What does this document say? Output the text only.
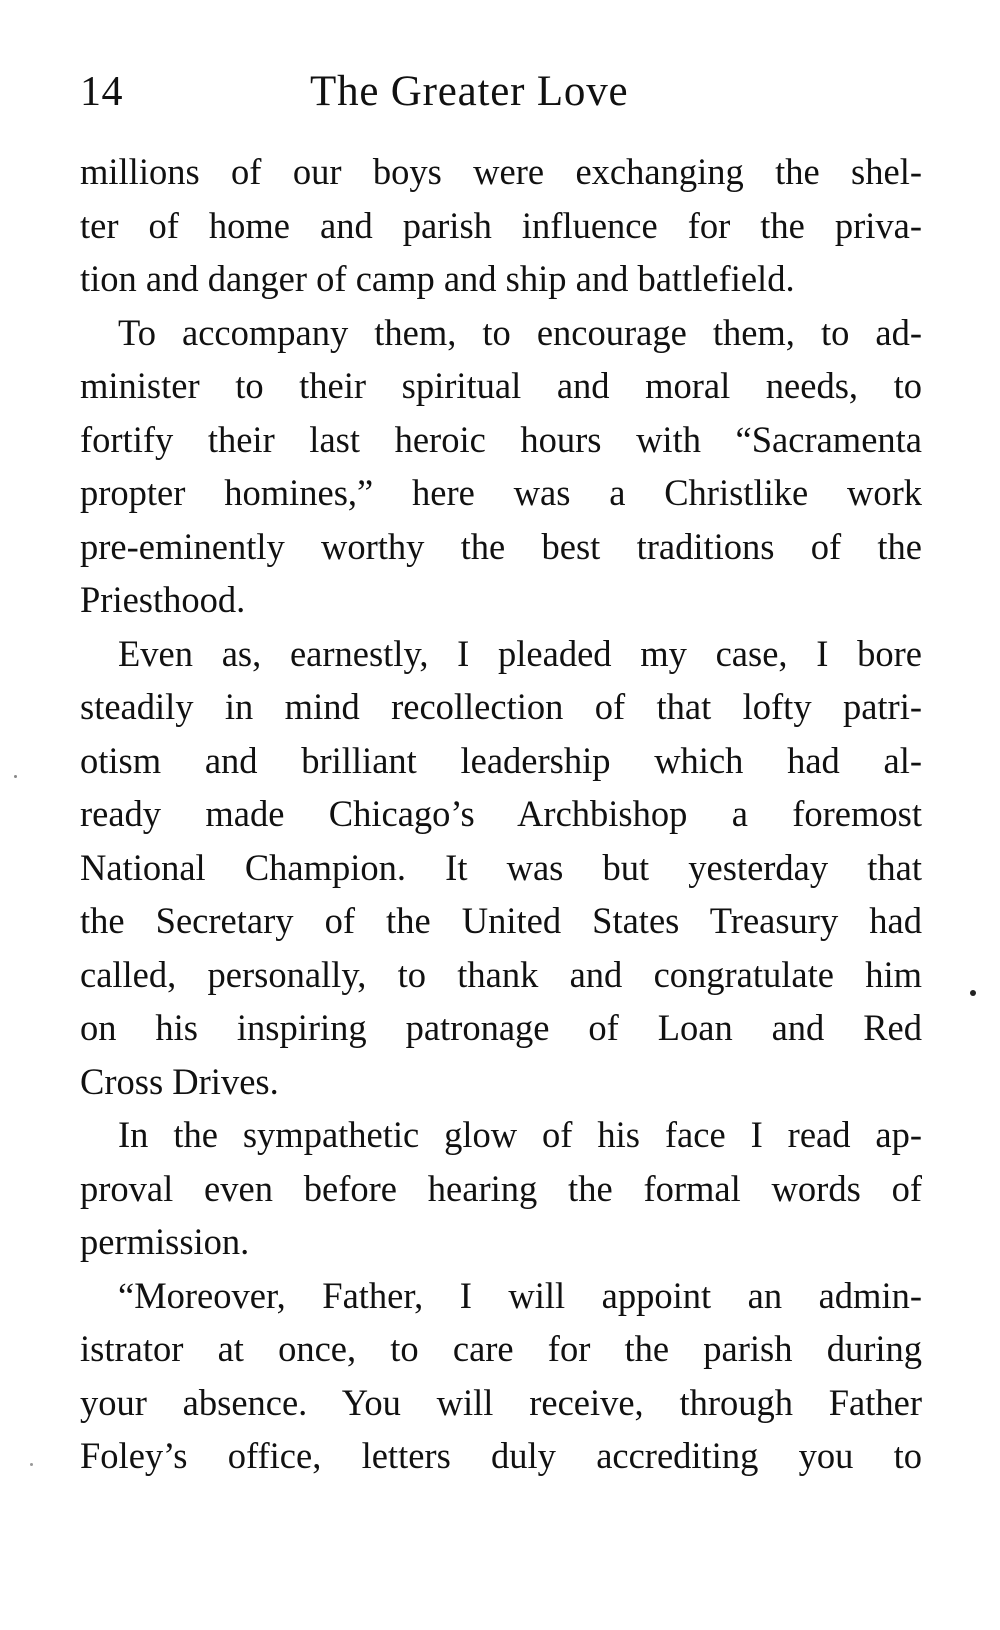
14	The Greater Love
millions of our boys were exchanging the shel-
ter of home and parish influence for the priva-
tion and danger of camp and ship and battlefield.
To accompany them, to encourage them, to ad-
minister to their spiritual and moral needs, to
fortify their last heroic hours with “Sacramenta
propter homines,” here was a Christlike work
pre-eminently worthy the best traditions of the
Priesthood.
Even as, earnestly, I pleaded my case, I bore
steadily in mind recollection of that lofty patri-
otism and brilliant leadership which had al-
ready made Chicago’s Archbishop a foremost
National Champion. It was but yesterday that
the Secretary of the United States Treasury had
called, personally, to thank and congratulate him
on his inspiring patronage of Loan and Red
Cross Drives.
In the sympathetic glow of his face I read ap-
proval even before hearing the formal words of
permission.
“Moreover, Father, I will appoint an admin-
istrator at once, to care for the parish during
your absence. You will receive, through Father
Foley’s office, letters duly accrediting you to
